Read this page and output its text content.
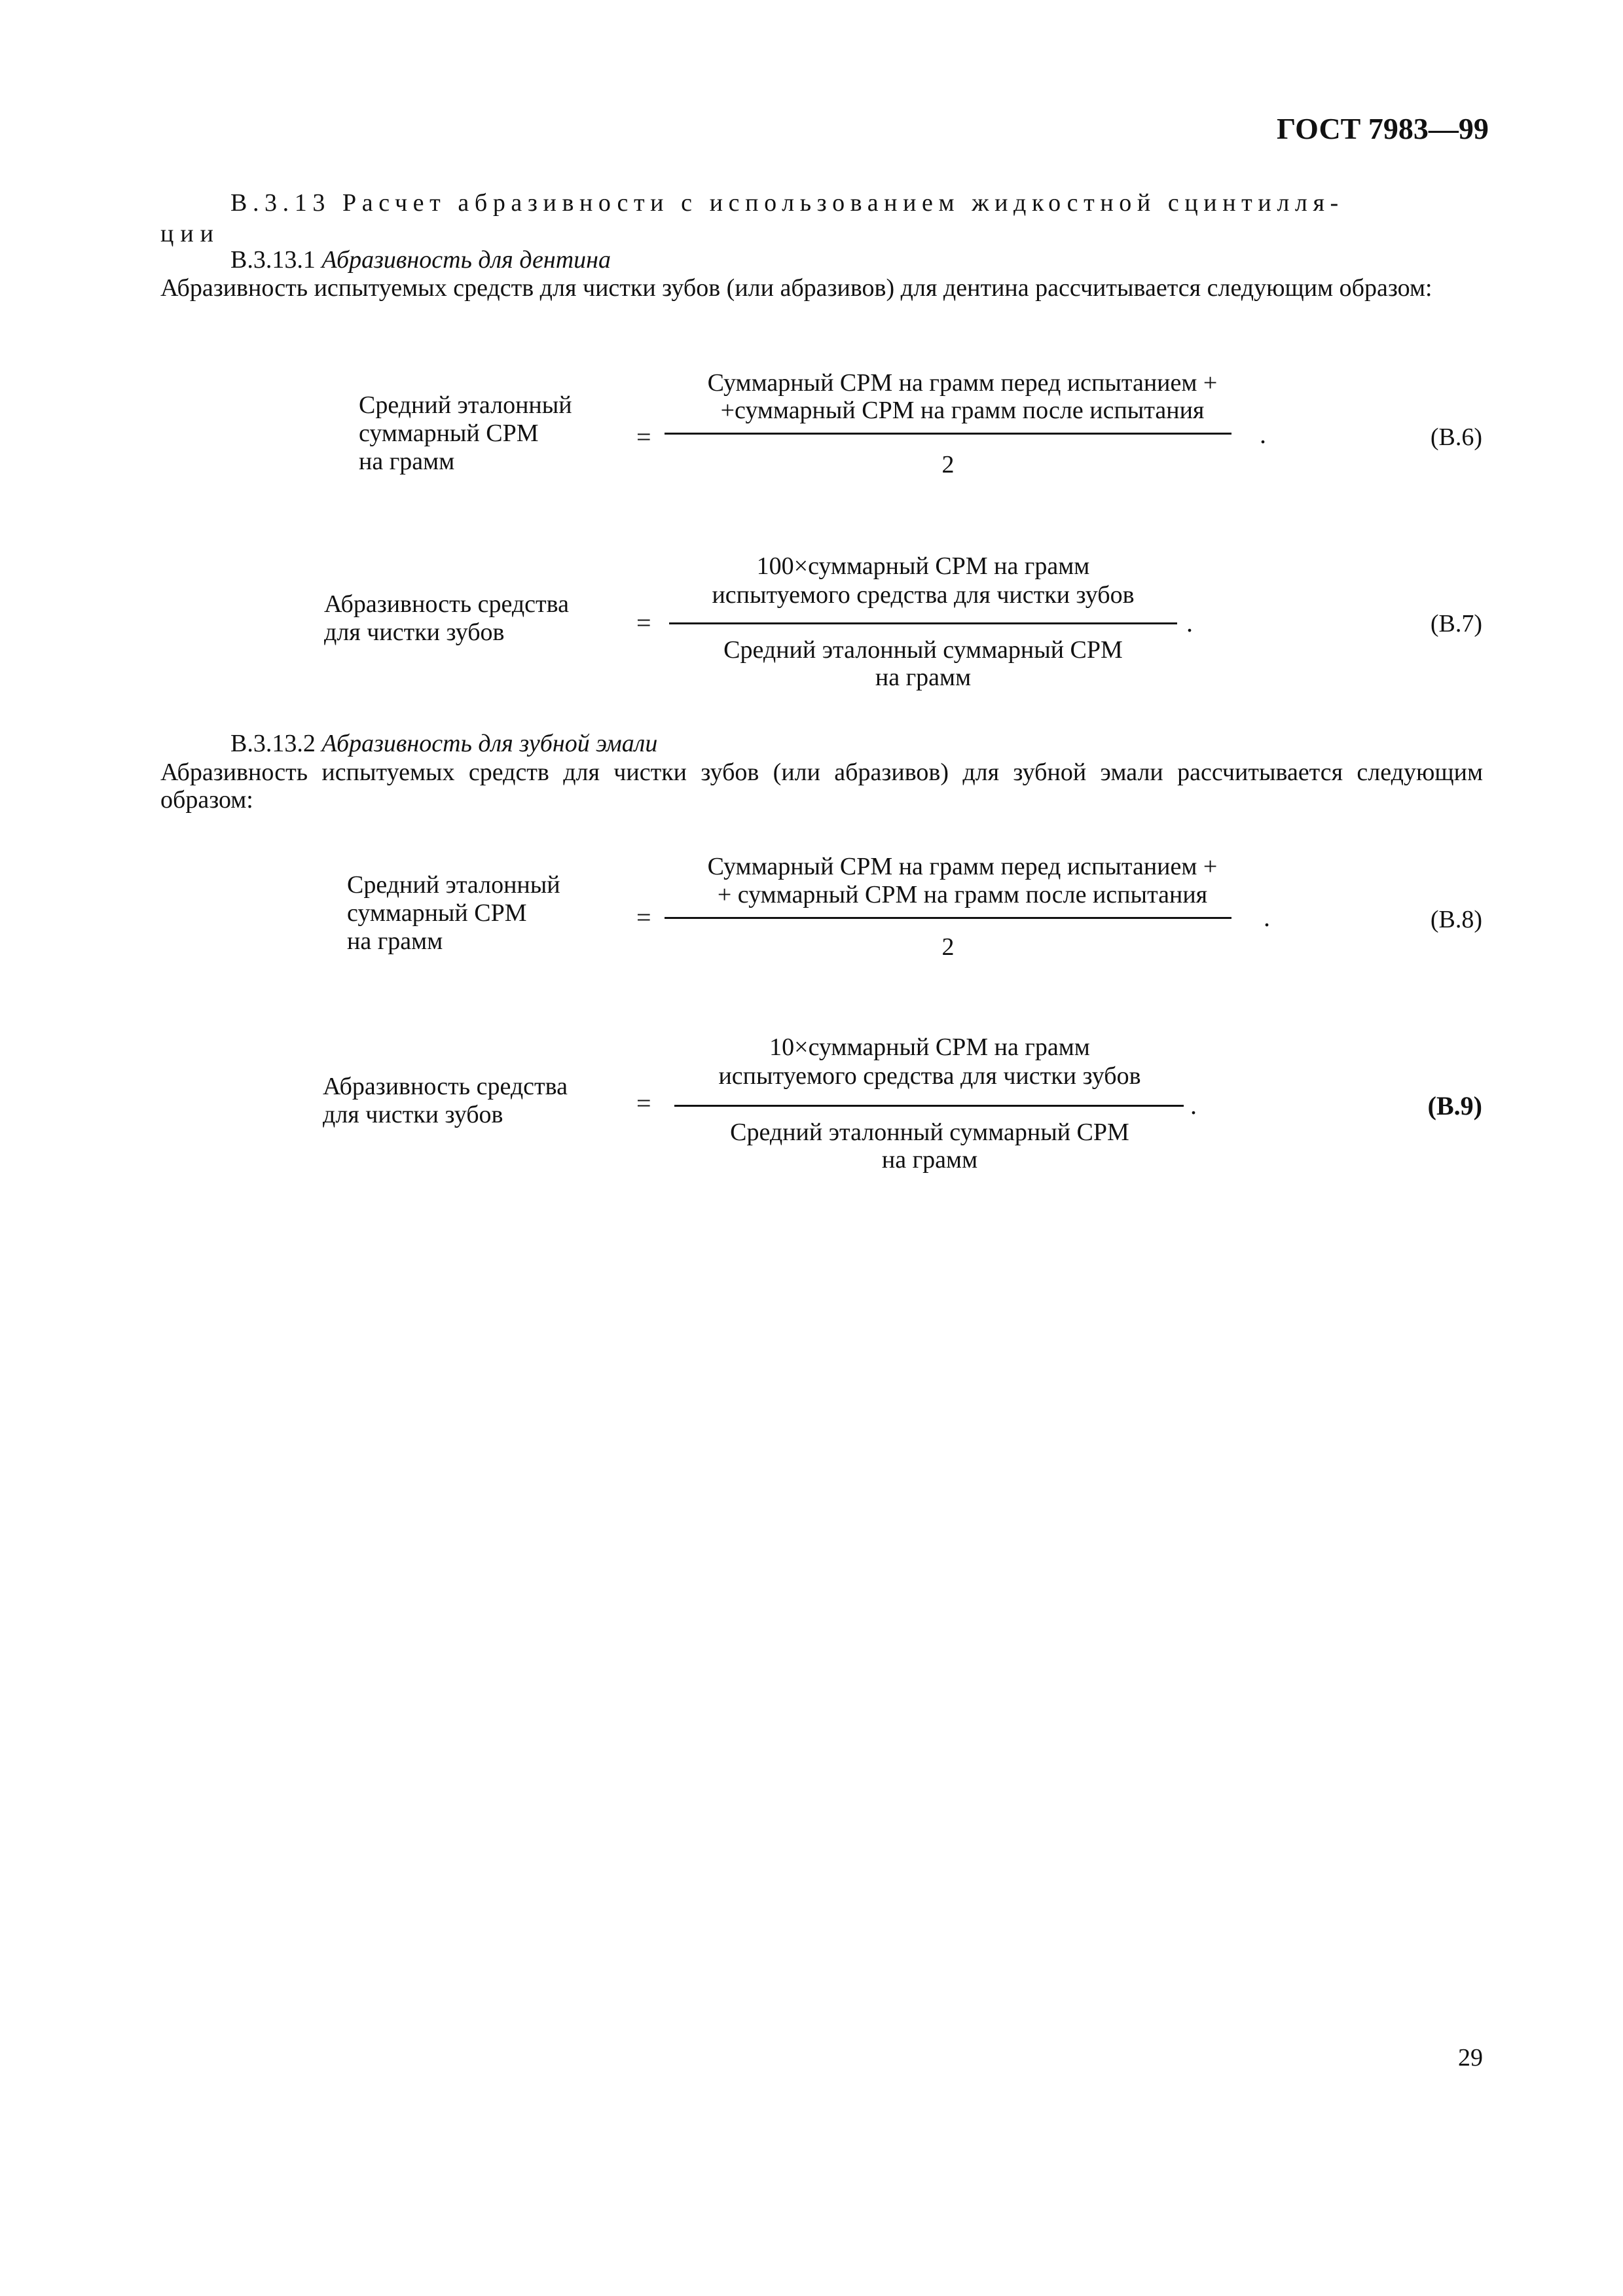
ГОСТ 7983—99
В.3.13 Расчет абразивности с использованием жидкостной сцинтилля-
ции
В.3.13.1 Абразивность для дентина
Абразивность испытуемых средств для чистки зубов (или абразивов) для дентина рассчитывается следующим образом:
Средний эталонный
суммарный СРМ
на грамм
=
Суммарный СРМ на грамм перед испытанием +
+суммарный СРМ на грамм после испытания
2
.	(В.6)
Абразивность средства
для чистки зубов	=
100×суммарный СРМ на грамм
испытуемого средства для чистки зубов
Средний эталонный суммарный СРМ
на грамм
.	(В.7)
В.3.13.2 Абразивность для зубной эмали
Абразивность испытуемых средств для чистки зубов (или абразивов) для зубной эмали рассчитывается следующим образом:
Средний эталонный
суммарный СРМ
на грамм
=
Суммарный СРМ на грамм перед испытанием +
+ суммарный СРМ на грамм после испытания
2
.	(В.8)
Абразивность средства
для чистки зубов	=
10×суммарный СРМ на грамм
испытуемого средства для чистки зубов
Средний эталонный суммарный СРМ
на грамм
.	(В.9)
29
